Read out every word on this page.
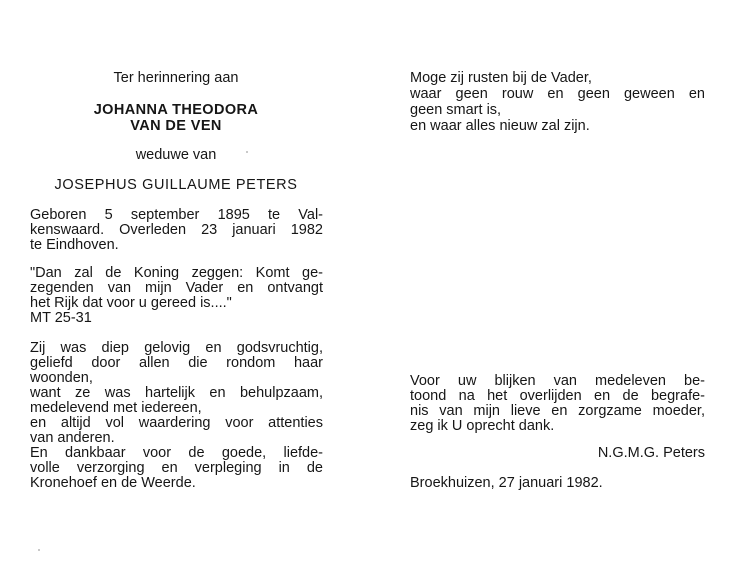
Ter herinnering aan
JOHANNA THEODORA
VAN DE VEN
weduwe van
JOSEPHUS GUILLAUME PETERS
Geboren 5 september 1895 te Val-
kenswaard. Overleden 23 januari 1982
te Eindhoven.
"Dan zal de Koning zeggen: Komt ge-
zegenden van mijn Vader en ontvangt
het Rijk dat voor u gereed is...."
MT 25-31
Zij was diep gelovig en godsvruchtig,
geliefd door allen die rondom haar
woonden,
want ze was hartelijk en behulpzaam,
medelevend met iedereen,
en altijd vol waardering voor attenties
van anderen.
En dankbaar voor de goede, liefde-
volle verzorging en verpleging in de
Kronehoef en de Weerde.
Moge zij rusten bij de Vader,
waar geen rouw en geen geween en
geen smart is,
en waar alles nieuw zal zijn.
Voor uw blijken van medeleven be-
toond na het overlijden en de begrafe-
nis van mijn lieve en zorgzame moeder,
zeg ik U oprecht dank.
N.G.M.G. Peters
Broekhuizen, 27 januari 1982.
